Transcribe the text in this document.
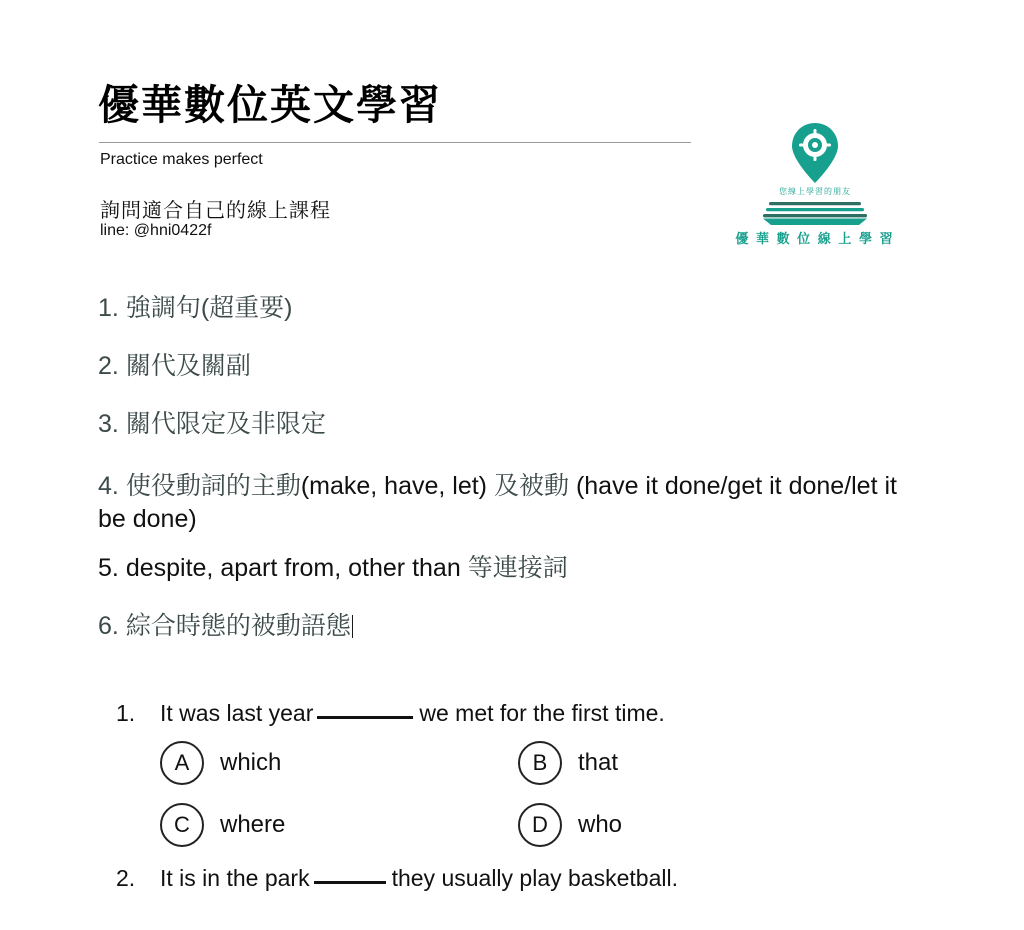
優華數位英文學習
Practice makes perfect
詢問適合自己的線上課程
line: @hni0422f
您線上學習的朋友
優 華 數 位 線 上 學 習
1. 強調句(超重要)
2. 關代及關副
3. 關代限定及非限定
4. 使役動詞的主動(make, have, let) 及被動 (have it done/get it done/let it be done)
5. despite, apart from, other than 等連接詞
6. 綜合時態的被動語態
1.	It was last year	we met for the first time.
A	which	B	that
C	where	D	who
2.	It is in the park	they usually play basketball.
